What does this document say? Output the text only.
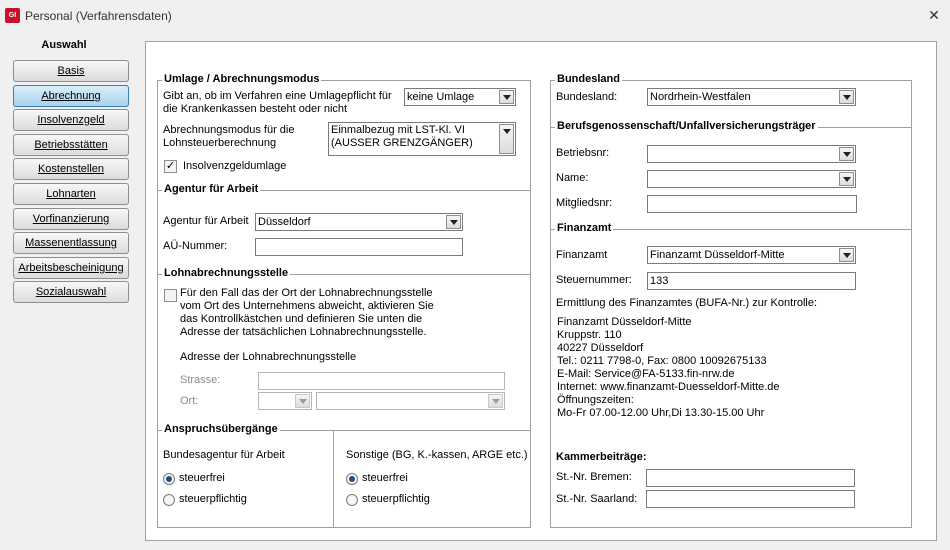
GI Personal (Verfahrensdaten)	✕
Auswahl
Basis
Abrechnung
Insolvenzgeld
Betriebsstätten
Kostenstellen
Lohnarten
Vorfinanzierung
Massenentlassung
Arbeitsbescheinigung
Sozialauswahl
Umlage / Abrechnungsmodus
Gibt an, ob im Verfahren eine Umlagepflicht für die Krankenkassen besteht oder nicht
keine Umlage
Abrechnungsmodus für die Lohnsteuerberechnung
Einmalbezug mit LST-Kl. VI
(AUSSER GRENZGÄNGER)
✓ Insolvenzgeldumlage
Agentur für Arbeit
Agentur für Arbeit Düsseldorf
AÜ-Nummer:
Lohnabrechnungsstelle
Für den Fall das der Ort der Lohnabrechnungsstelle vom Ort des Unternehmens abweicht, aktivieren Sie das Kontrollkästchen und definieren Sie unten die Adresse der tatsächlichen Lohnabrechnungsstelle.
Adresse der Lohnabrechnungsstelle
Strasse:
Ort:
Anspruchsübergänge
Bundesagentur für Arbeit
steuerfrei
steuerpflichtig
Sonstige (BG, K.-kassen, ARGE etc.)
steuerfrei
steuerpflichtig
Bundesland
Bundesland:	Nordrhein-Westfalen
Berufsgenossenschaft/Unfallversicherungsträger
Betriebsnr:
Name:
Mitgliedsnr:
Finanzamt
Finanzamt	Finanzamt Düsseldorf-Mitte
Steuernummer: 133
Ermittlung des Finanzamtes (BUFA-Nr.) zur Kontrolle:
Finanzamt Düsseldorf-Mitte
Kruppstr. 110
40227 Düsseldorf
Tel.: 0211 7798-0, Fax: 0800 10092675133
E-Mail: Service@FA-5133.fin-nrw.de
Internet: www.finanzamt-Duesseldorf-Mitte.de
Öffnungszeiten:
Mo-Fr 07.00-12.00 Uhr,Di 13.30-15.00 Uhr
Kammerbeiträge:
St.-Nr. Bremen:
St.-Nr. Saarland:
